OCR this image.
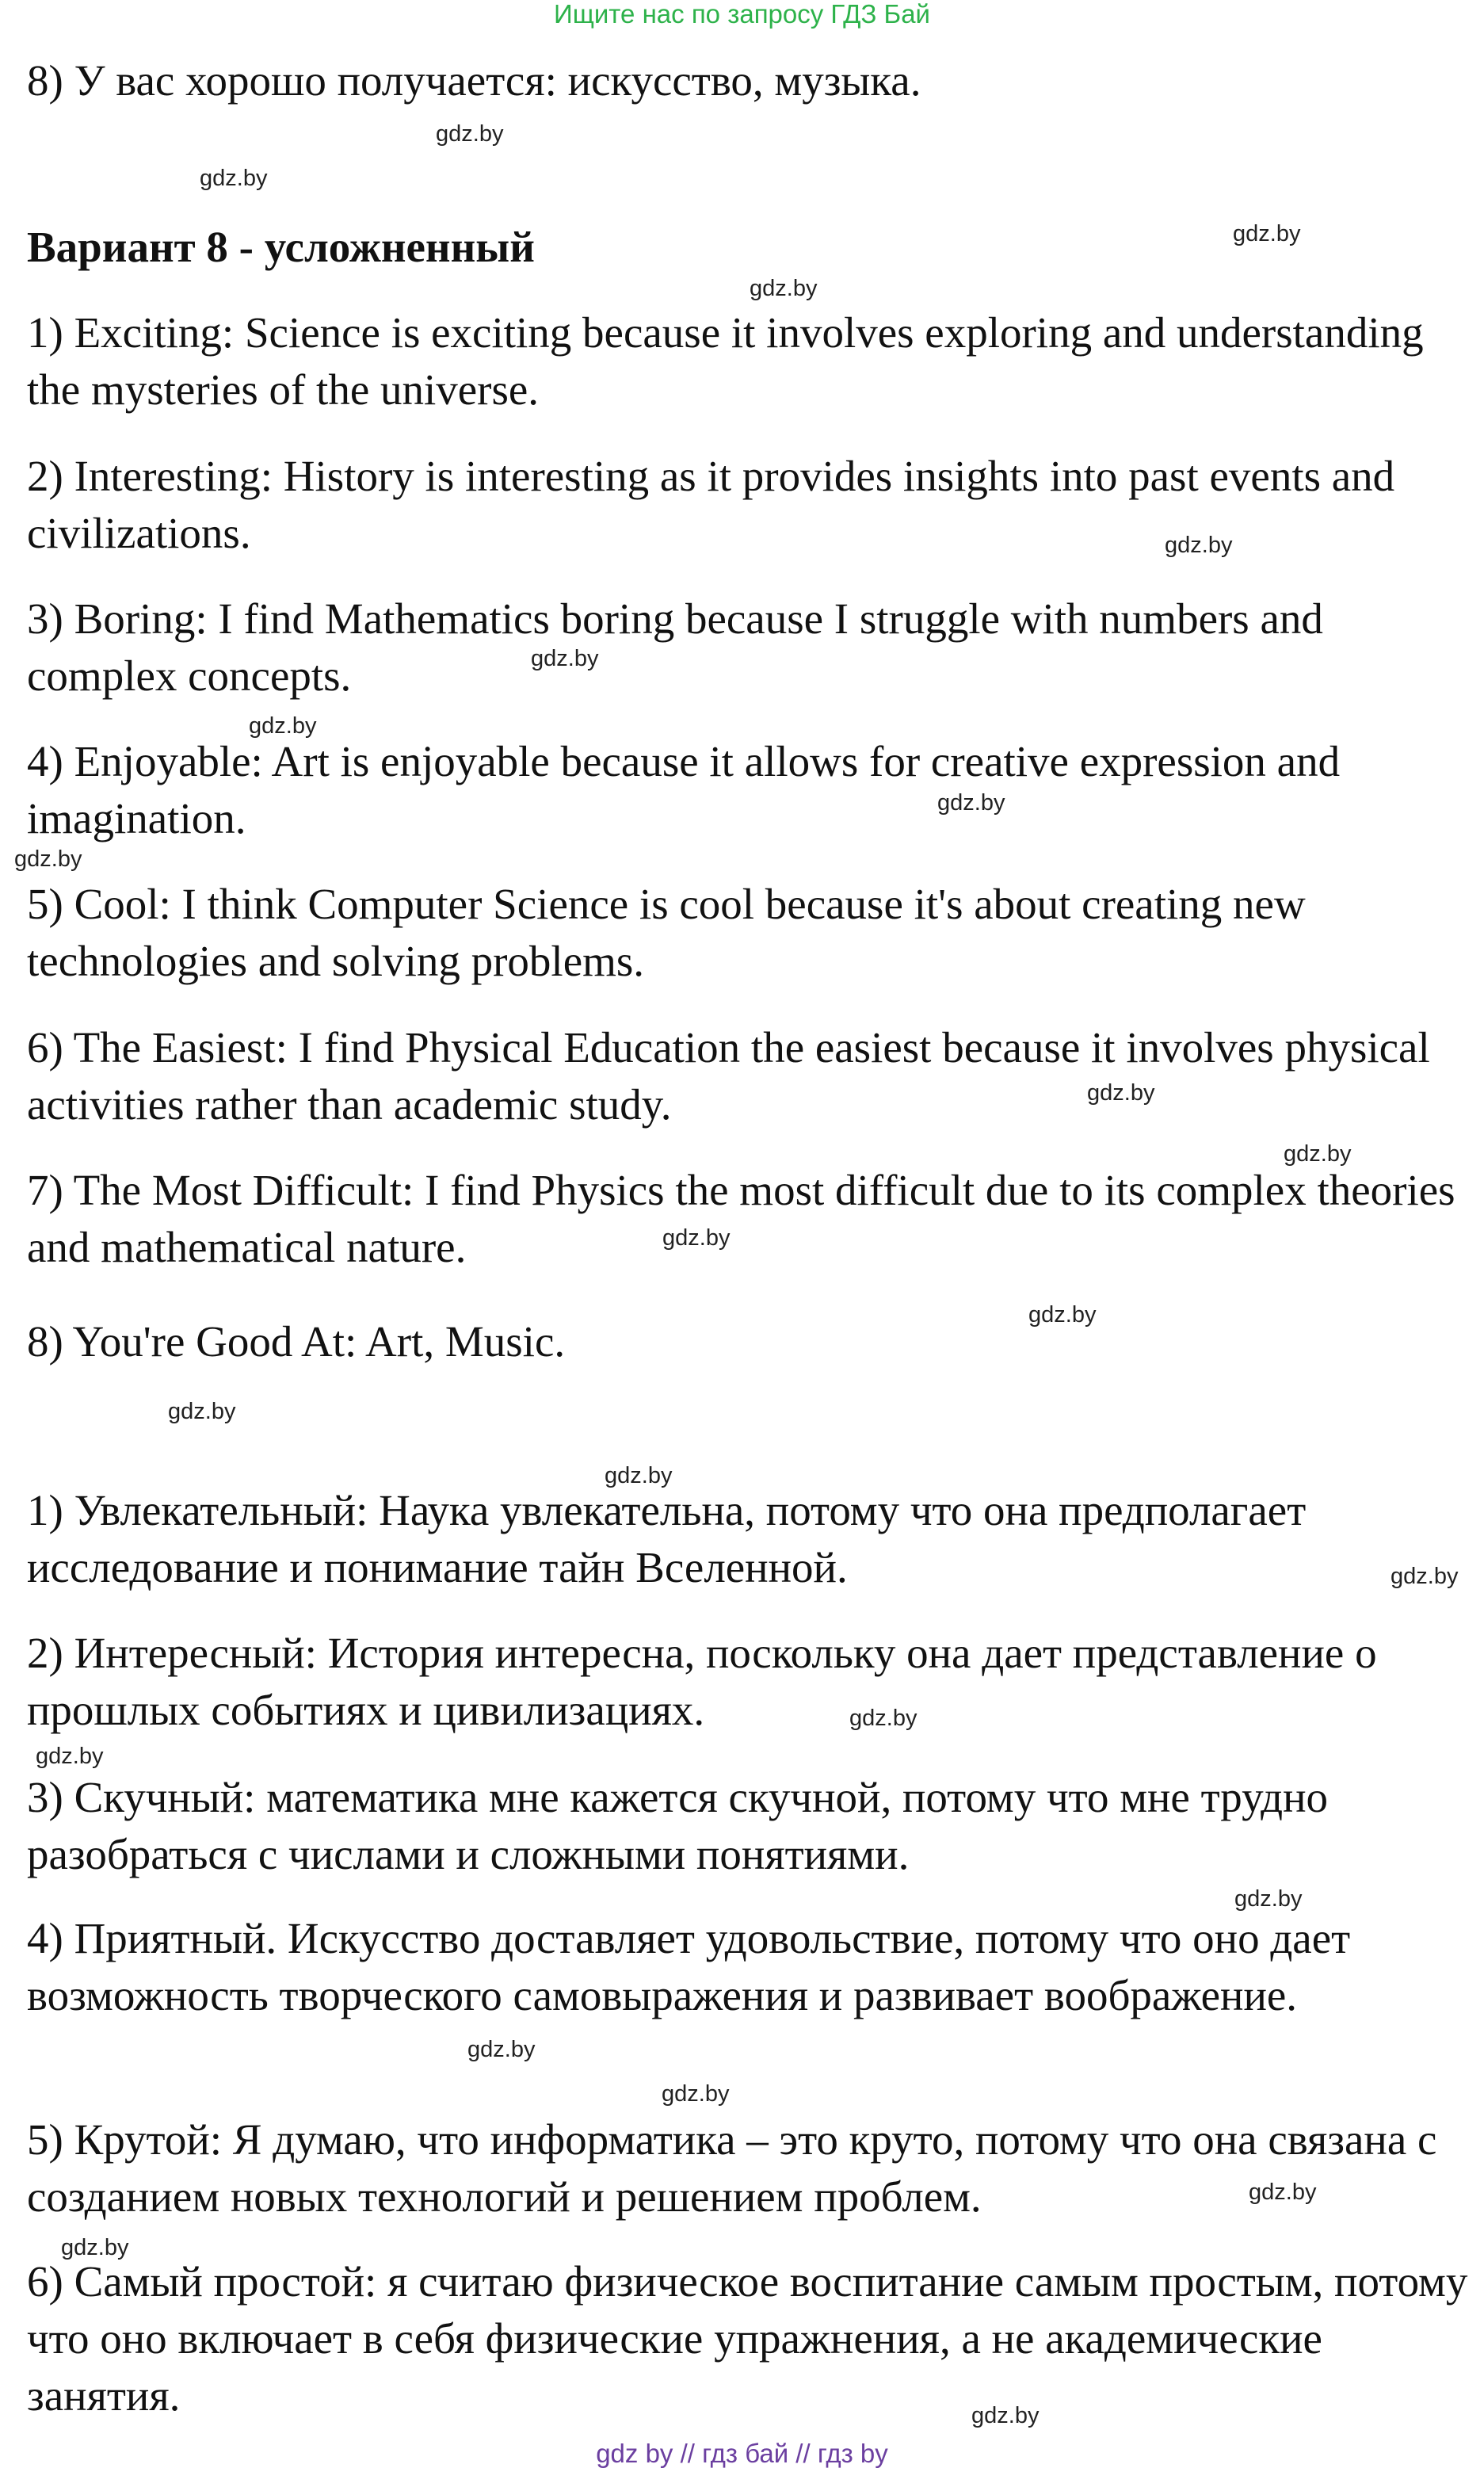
Ищите нас по запросу ГДЗ Бай

8) У вас хорошо получается: искусство, музыка.

Вариант 8 - усложненный

1) Exciting: Science is exciting because it involves exploring and understanding the mysteries of the universe.

2) Interesting: History is interesting as it provides insights into past events and civilizations.

3) Boring: I find Mathematics boring because I struggle with numbers and complex concepts.

4) Enjoyable: Art is enjoyable because it allows for creative expression and imagination.

5) Cool: I think Computer Science is cool because it's about creating new technologies and solving problems.

6) The Easiest: I find Physical Education the easiest because it involves physical activities rather than academic study.

7) The Most Difficult: I find Physics the most difficult due to its complex theories and mathematical nature.

8) You're Good At: Art, Music.

1) Увлекательный: Наука увлекательна, потому что она предполагает исследование и понимание тайн Вселенной.

2) Интересный: История интересна, поскольку она дает представление о прошлых событиях и цивилизациях.

3) Скучный: математика мне кажется скучной, потому что мне трудно разобраться с числами и сложными понятиями.

4) Приятный. Искусство доставляет удовольствие, потому что оно дает возможность творческого самовыражения и развивает воображение.

5) Крутой: Я думаю, что информатика – это круто, потому что она связана с созданием новых технологий и решением проблем.

6) Самый простой: я считаю физическое воспитание самым простым, потому что оно включает в себя физические упражнения, а не академические занятия.

gdz.by
gdz.by
gdz.by
gdz.by
gdz.by
gdz.by
gdz.by
gdz.by
gdz.by
gdz.by
gdz.by
gdz.by
gdz.by
gdz.by
gdz.by
gdz.by
gdz.by
gdz.by
gdz.by
gdz.by
gdz.by
gdz.by
gdz.by
gdz.by
gdz by // гдз бай // гдз by
